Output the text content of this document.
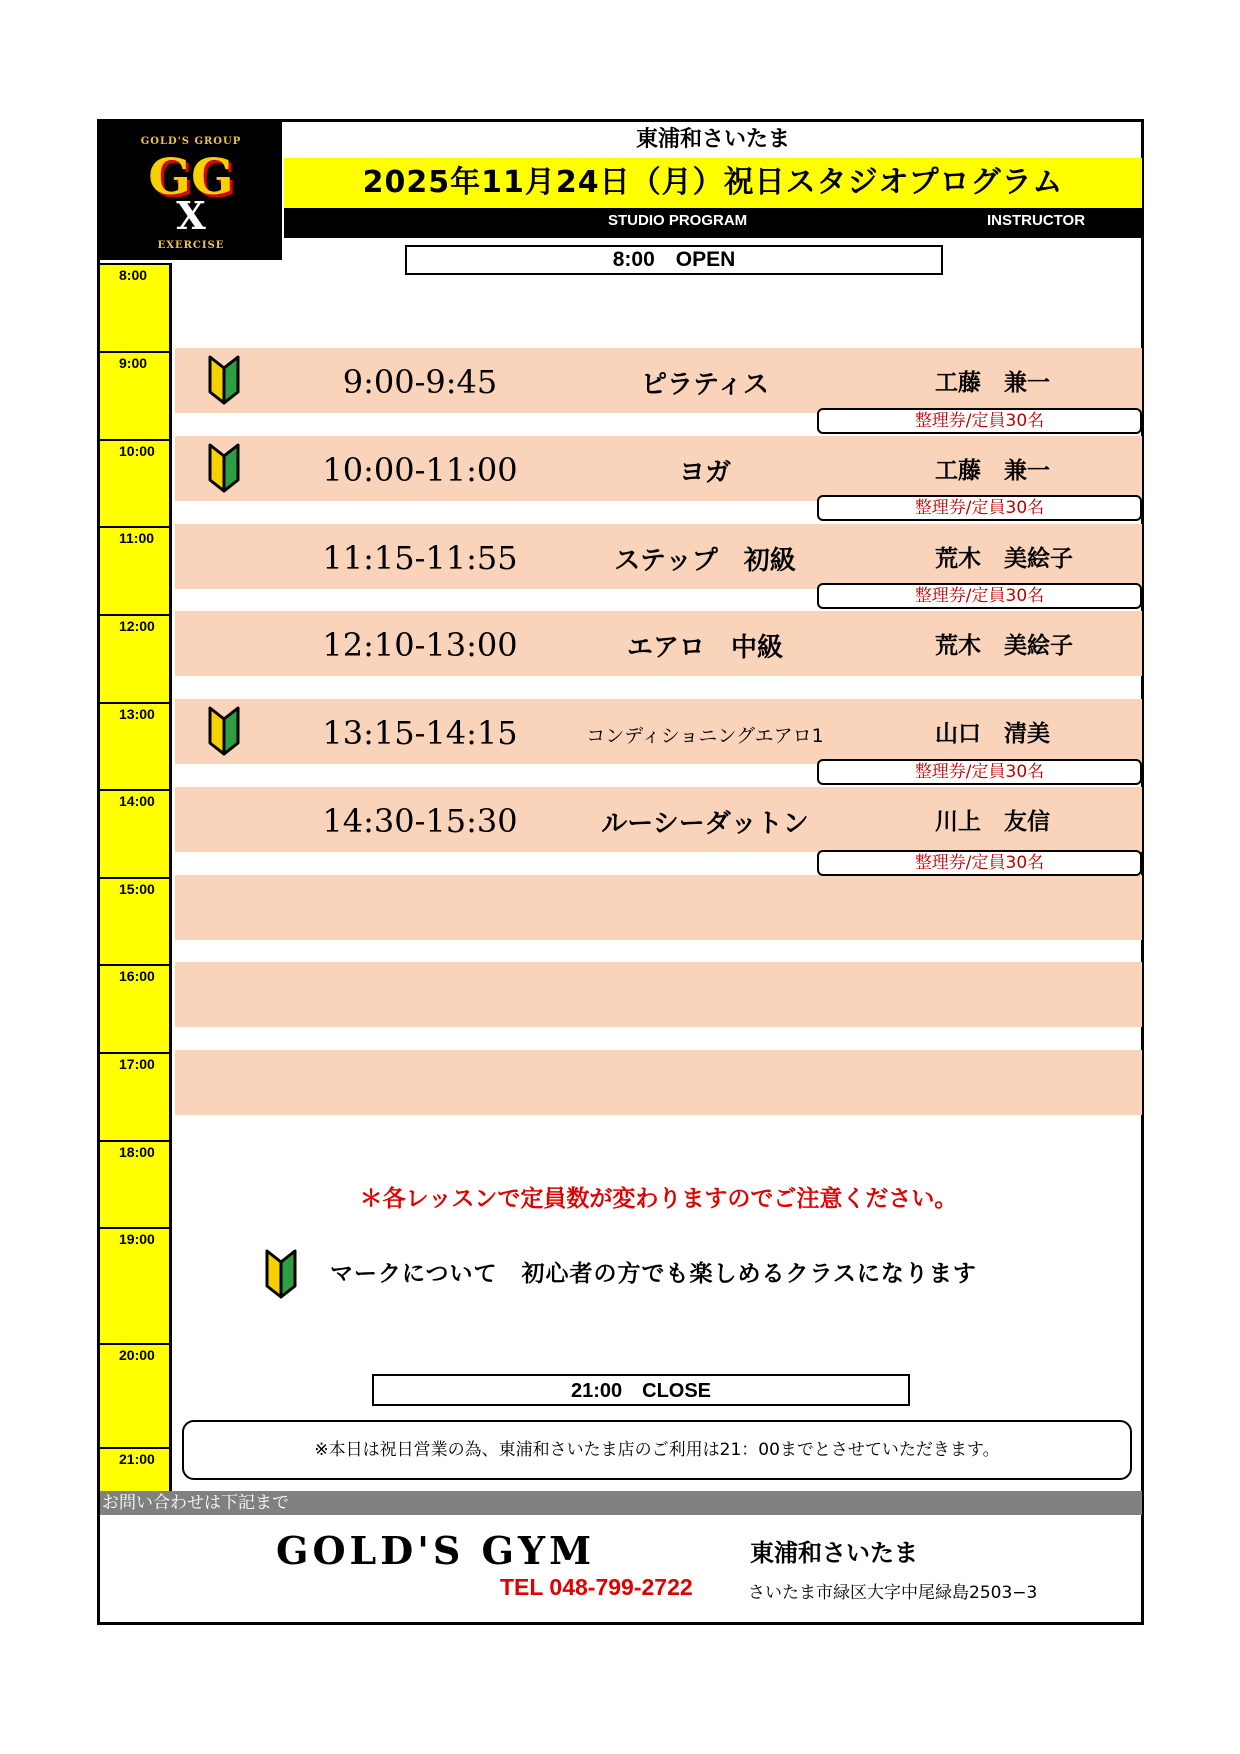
GOLD'S GROUP
GG
X
EXERCISE
東浦和さいたま
2025年11月24日（月）祝日スタジオプログラム
STUDIO PROGRAM	INSTRUCTOR
8:00　OPEN
8:00
9:00
10:00
11:00
12:00
13:00
14:00
15:00
16:00
17:00
18:00
19:00
20:00
21:00
9:00-9:45	ピラティス	工藤　兼一
整理券/定員30名
10:00-11:00	ヨガ	工藤　兼一
整理券/定員30名
11:15-11:55	ステップ　初級	荒木　美絵子
整理券/定員30名
12:10-13:00	エアロ　中級	荒木　美絵子
13:15-14:15	コンディショニングエアロ1	山口　清美
整理券/定員30名
14:30-15:30	ルーシーダットン	川上　友信
整理券/定員30名
＊各レッスンで定員数が変わりますのでご注意ください。
マークについて　初心者の方でも楽しめるクラスになります
21:00　CLOSE
※本日は祝日営業の為、東浦和さいたま店のご利用は21：00までとさせていただきます。
お問い合わせは下記まで
GOLD'S GYM	東浦和さいたま
TEL 048-799-2722	さいたま市緑区大字中尾緑島2503−3
